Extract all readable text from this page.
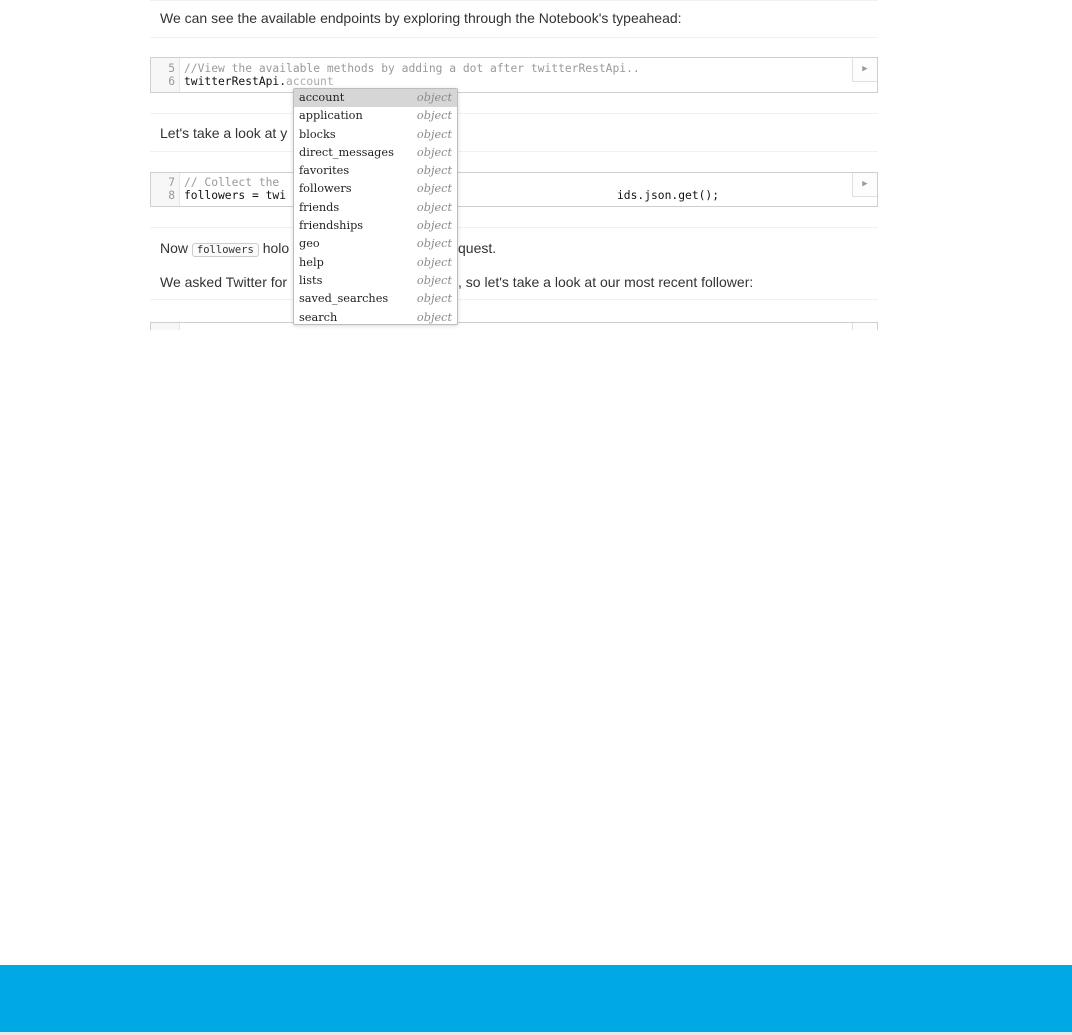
We can see the available endpoints by exploring through the Notebook's typeahead:
5
6
//View the available methods by adding a dot after twitterRestApi..
twitterRestApi.account
▶
Let's take a look at y
7
8
// Collect the
followers = twi	ids.json.get();
▶
Now followers holo	quest.
We asked Twitter for	, so let's take a look at our most recent follower:
account	object
application	object
blocks	object
direct_messages object
favorites	object
followers	object
friends	object
friendships	object
geo	object
help	object
lists	object
saved_searches	object
search	object
